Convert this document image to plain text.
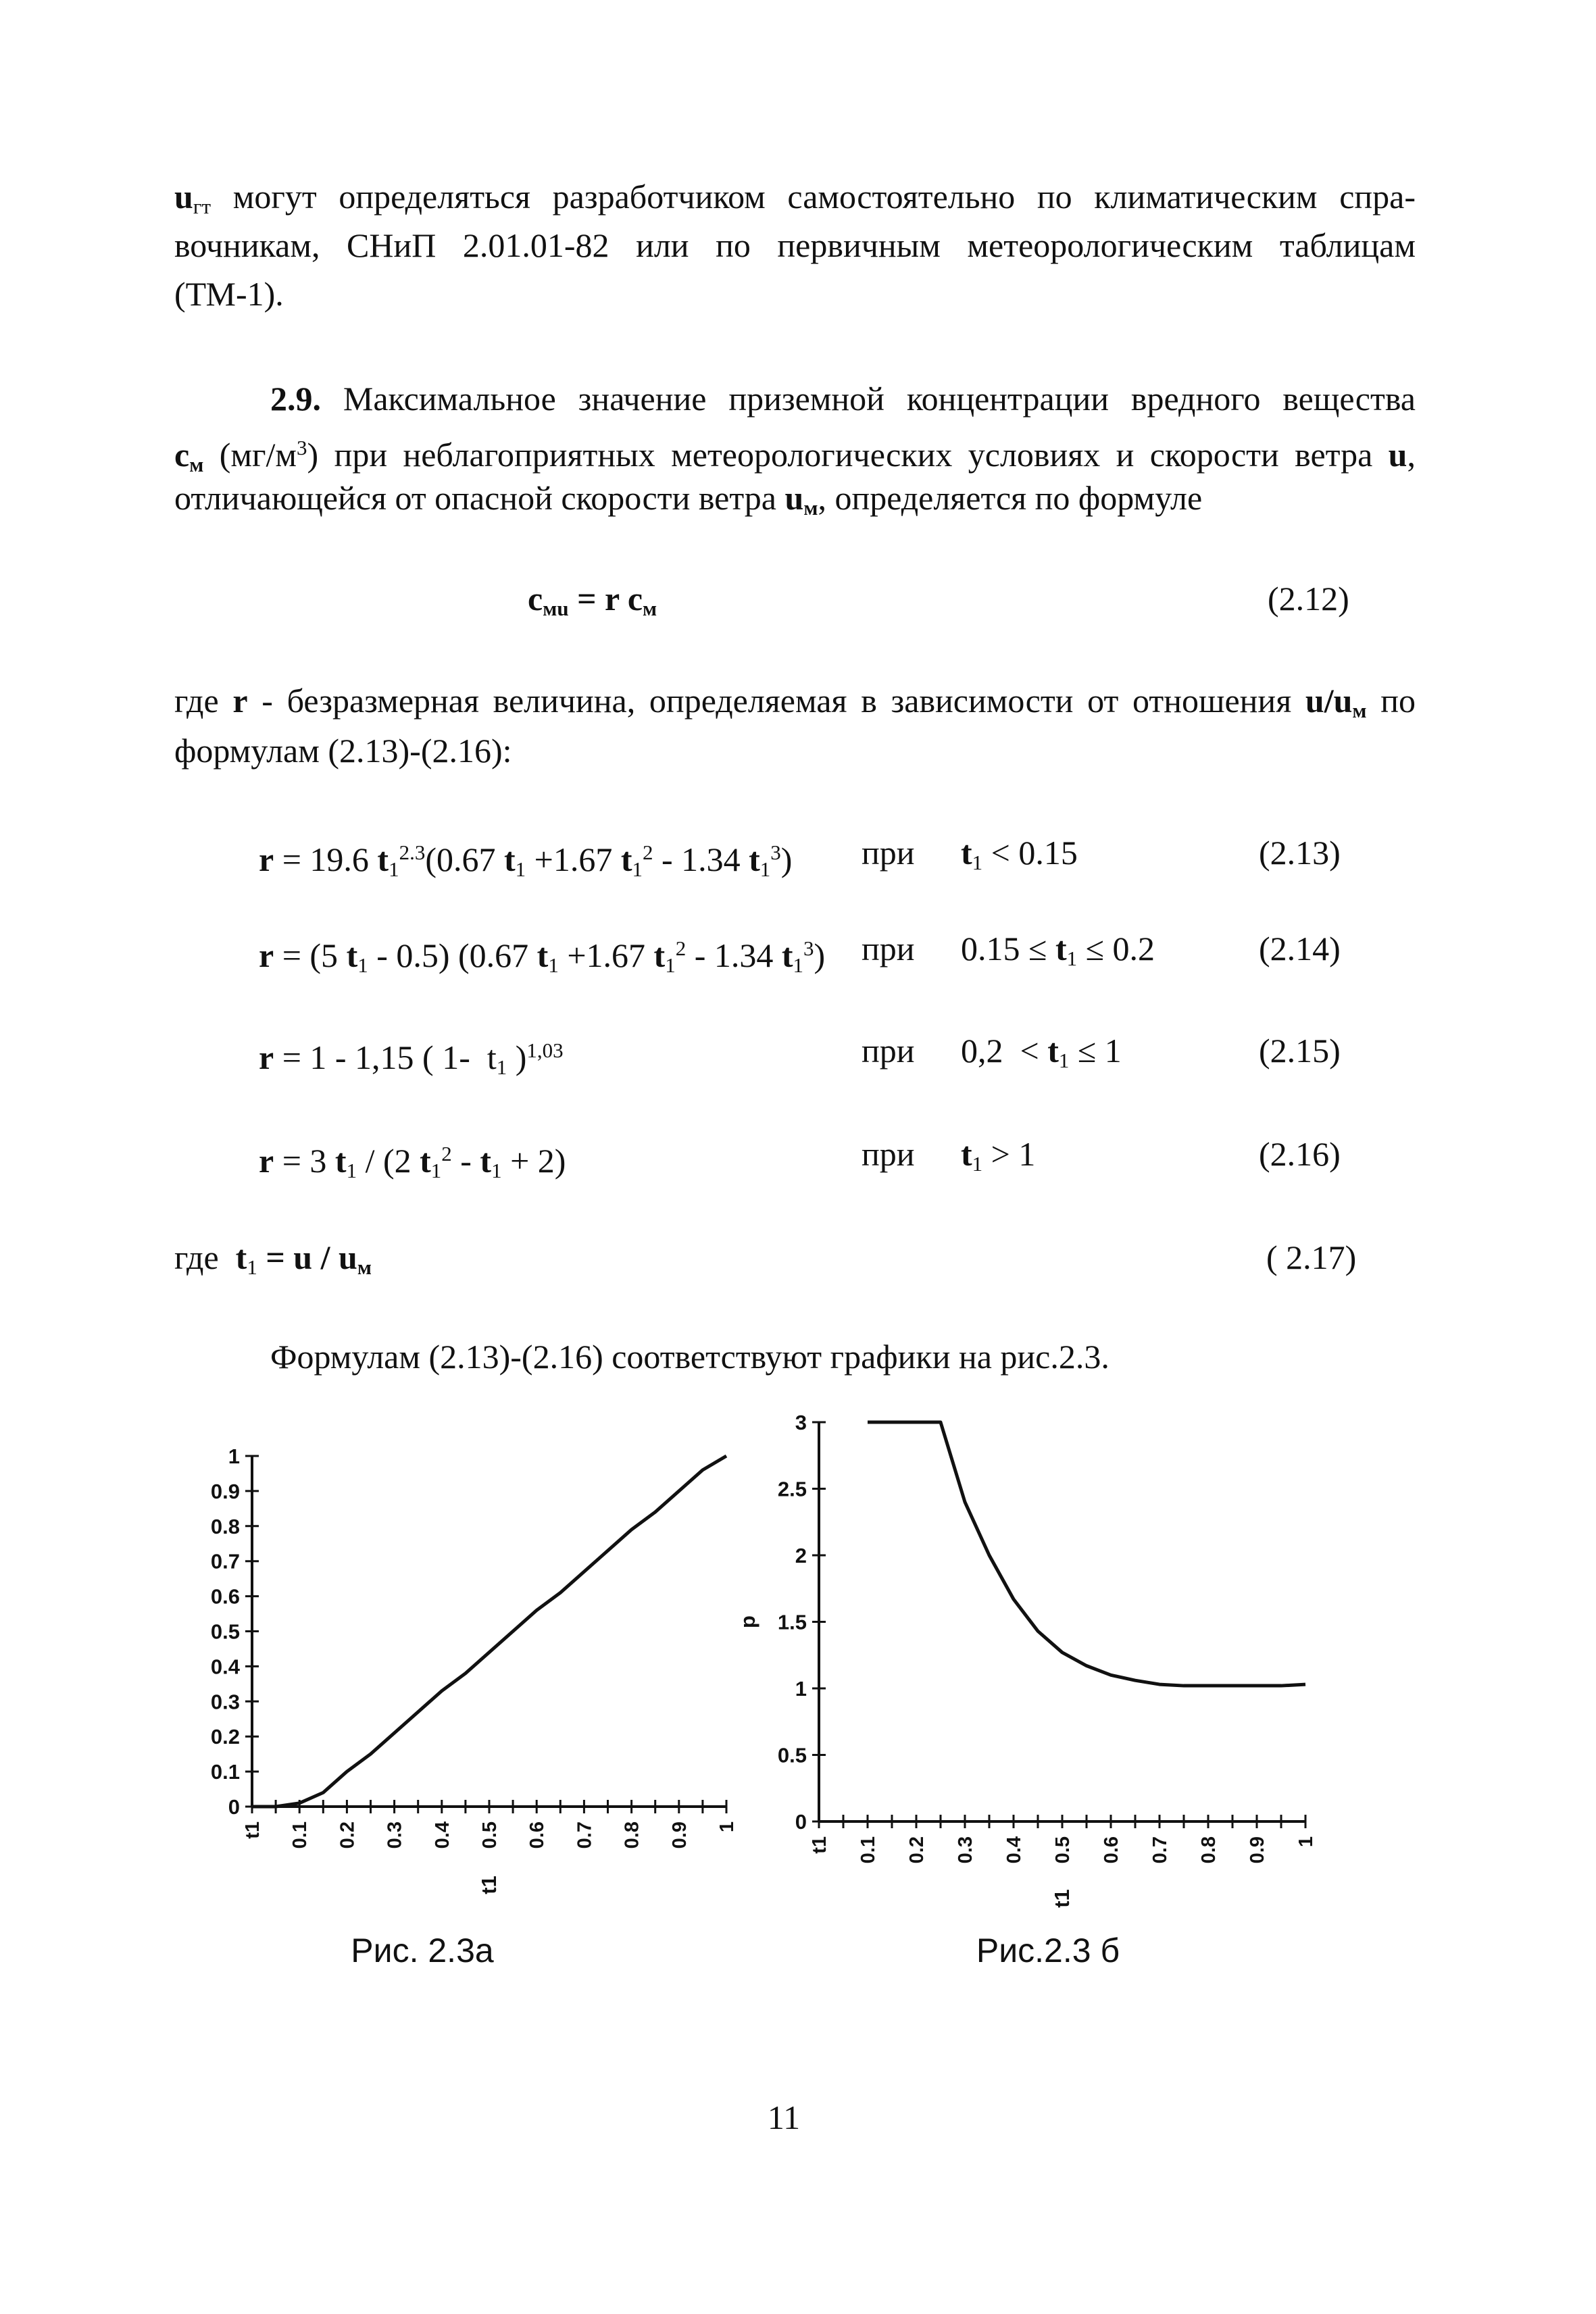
$u_{гт}$ могут определяться разработчиком самостоятельно по климатическим спра-
вочникам, СНиП 2.01.01-82 или по первичным метеорологическим таблицам
(ТМ-1).
2.9. Максимальное значение приземной концентрации вредного вещества
cм $(мг/м^3)$ при неблагоприятных метеорологических условиях и скорости ветра u,
отличающейся от опасной скорости ветра uм, определяется по формуле
cмu = r cм	(2.12)
где r - безразмерная величина, определяемая в зависимости от отношения u/uм по
формулам (2.13)-(2.16):
r = 19.6 $t_1^{2.3}(0.67$ $t_1 +1.67$ $t_1^2 - 1.34$ $t_1^3$) при $t_1 < 0.15$	(2.13)
r = (5 $t_1 - 0.5$) (0.67 $t_1 +1.67$ $t_1^2 - 1.34$ $t_1^3$) при $0.15 \le t_1 \le 0.2$	(2.14)
r = 1 - 1,15 ( 1-  $t_1$ )$^{1,03}$	при $0,2 < t_1 \le 1$	(2.15)
r = 3 $t_1 / (2$ $t_1^2 - t_1 + 2$)	при $t_1 > 1$	(2.16)
где  $t_1 = u$ / uм	( 2.17)
Формулам (2.13)-(2.16) соответствуют графики на рис.2.3.
0
0.1
0.2
0.3
0.4
0.5
0.6
0.7
0.8
0.9
1
t1 0.1 0.2 0.3 0.4 0.5 0.6 0.7 0.8 0.9 1
t1
0
0.5
1
1.5
2
2.5
3
t1 0.1 0.2 0.3 0.4 0.5 0.6 0.7 0.8 0.9 1
t1
p
Рис. 2.3а	Рис.2.3 б
11
